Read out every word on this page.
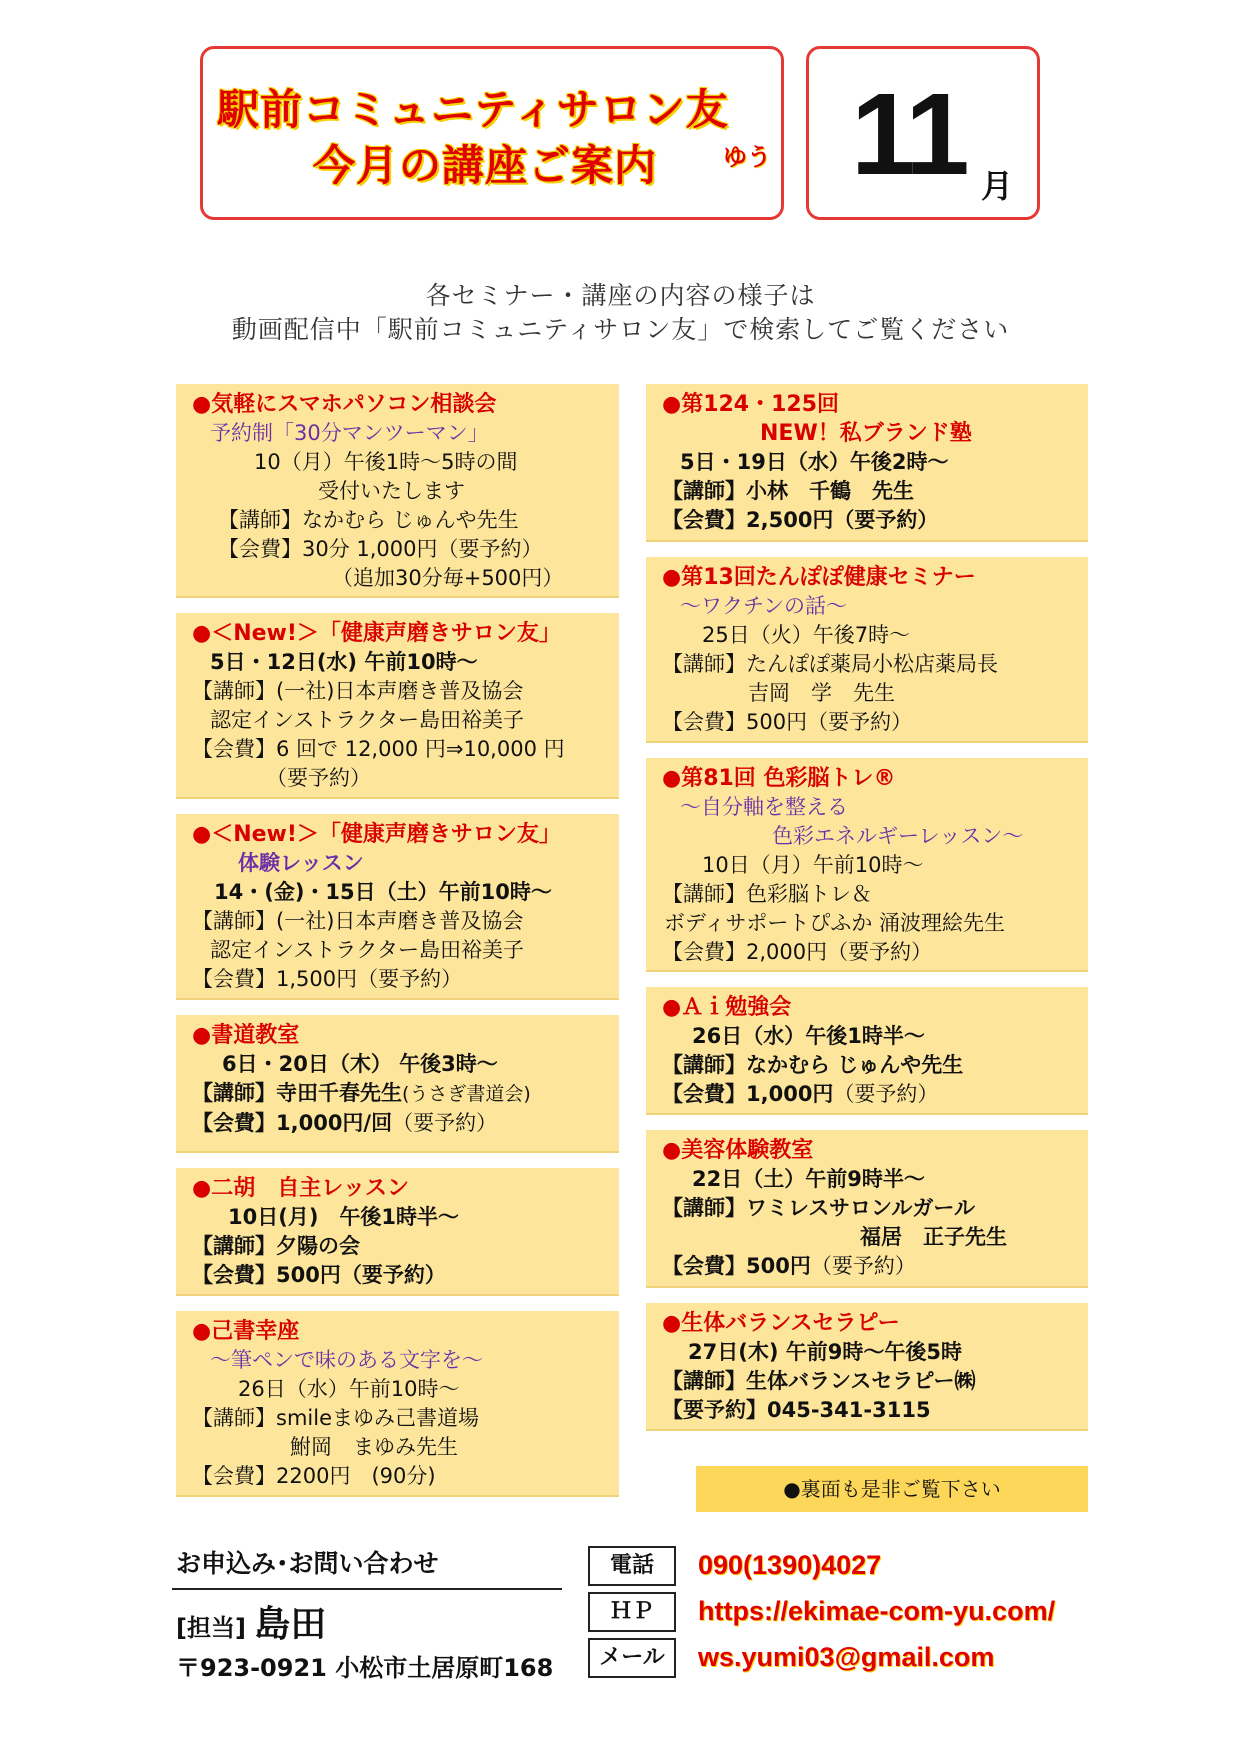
駅前コミュニティサロン友
今月の講座ご案内	ゆう 11 月
各セミナー・講座の内容の様子は
動画配信中「駅前コミュニティサロン友」で検索してご覧ください
●気軽にスマホパソコン相談会
予約制「30分マンツーマン」
10（月）午後1時～5時の間
受付いたします
【講師】なかむら じゅんや先生
【会費】30分 1,000円（要予約）
（追加30分毎+500円）
●＜New!＞「健康声磨きサロン友」
5日・12日(水) 午前10時～
【講師】(一社)日本声磨き普及協会
認定インストラクター島田裕美子
【会費】6 回で 12,000 円⇒10,000 円
（要予約）
●＜New!＞「健康声磨きサロン友」
体験レッスン
14・(金)・15日（土）午前10時～
【講師】(一社)日本声磨き普及協会
認定インストラクター島田裕美子
【会費】1,500円（要予約）
●書道教室
6日・20日（木） 午後3時～
【講師】寺田千春先生(うさぎ書道会)
【会費】1,000円/回（要予約）
●二胡　自主レッスン
10日(月)　午後1時半～
【講師】夕陽の会
【会費】500円（要予約）
●己書幸座
～筆ペンで味のある文字を～
26日（水）午前10時～
【講師】smileまゆみ己書道場
鮒岡　まゆみ先生
【会費】2200円　(90分)
●第124・125回
NEW！私ブランド塾
5日・19日（水）午後2時～
【講師】小林　千鶴　先生
【会費】2,500円（要予約）
●第13回たんぽぽ健康セミナー
～ワクチンの話～
25日（火）午後7時～
【講師】たんぽぽ薬局小松店薬局長
吉岡　学　先生
【会費】500円（要予約）
●第81回 色彩脳トレ®
～自分軸を整える
色彩エネルギーレッスン～
10日（月）午前10時～
【講師】色彩脳トレ＆
ボディサポートぴふか 涌波理絵先生
【会費】2,000円（要予約）
●Ａｉ勉強会
26日（水）午後1時半～
【講師】なかむら じゅんや先生
【会費】1,000円（要予約）
●美容体験教室
22日（土）午前9時半～
【講師】ワミレスサロンルガール
福居　正子先生
【会費】500円（要予約）
●生体バランスセラピー
27日(木) 午前9時～午後5時
【講師】生体バランスセラピー㈱
【要予約】045-341-3115
●裏面も是非ご覧下さい
お申込み･お問い合わせ
[担当] 島田
〒923-0921 小松市土居原町168
電話
ＨＰ
メール
090(1390)4027
https://ekimae-com-yu.com/
ws.yumi03@gmail.com
